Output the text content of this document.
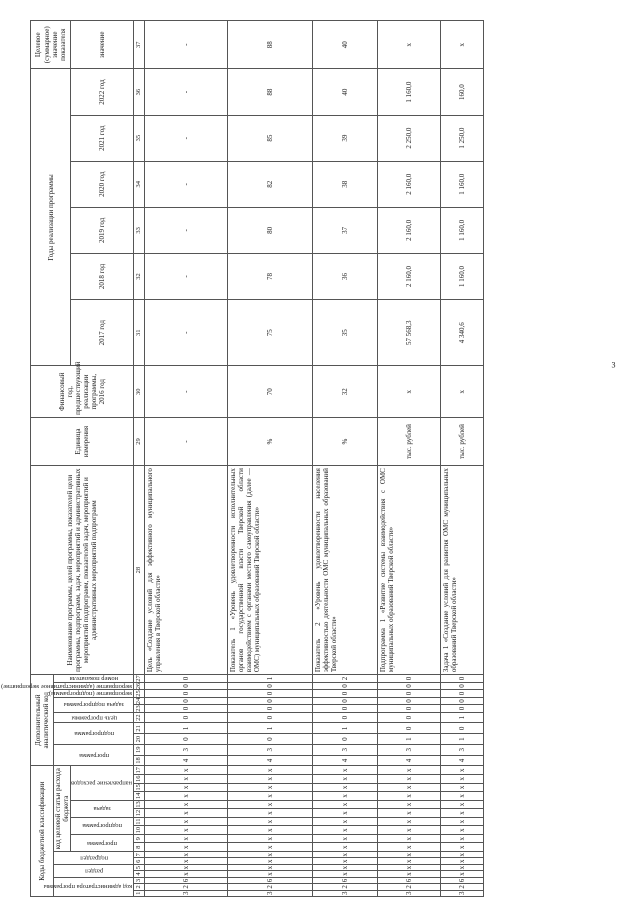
3
Коды бюджетной классификации																	Дополнительный аналитический код										Наименование программы, целей программы, показателей цели программы, подпрограмм, задач, мероприятий и административных мероприятий подпрограмм, показателей задач, мероприятий и административных мероприятий подпрограмм	Единица измерения	Финансовый год, предшествующий реализации программы, 2016 год	Годы реализации программы						Целевое (суммарное) значение показателя
код администратора программы			раздел		подраздел		код целевой статьи расхода бюджета										программа		подпрограмма		цель программы	задача подпрограммы		мероприятие (подпрограммы)	мероприятие (административное мероприятие)	номер показателя										
							программа		подпрограмма		задача		направление расходов																							
																														2017 год	2018 год	2019 год	2020 год	2021 год	2022 год	значение
1	2	3	4	5	6	7	8	9	10	11	12	13	14	15	16	17	18	19	20	21	22	23	24	25	26	27	28	29	30	31	32	33	34	35	36	37
3	2	6	х	х	х	х	х	х	х	х	х	х	х	х	х	х	4	3	0	1	0	0	0	0	0	0	Цель «Создание условий для эффективного муниципального управления в Тверской области»	-	-	-	-	-	-	-	-	-
3	2	6	х	х	х	х	х	х	х	х	х	х	х	х	х	х	4	3	0	1	0	0	0	0	0	1	Показатель 1 «Уровень удовлетворенности исполнительных органов государственной власти Тверской области взаимодействием с органами местного самоуправления (далее — ОМС) муниципальных образований Тверской области»	%	70	75	78	80	82	85	88	88
3	2	6	х	х	х	х	х	х	х	х	х	х	х	х	х	х	4	3	0	1	0	0	0	0	0	2	Показатель 2 «Уровень удовлетворенности населения эффективностью деятельности ОМС муниципальных образований Тверской области»	%	32	35	36	37	38	39	40	40
3	2	6	х	х	х	х	х	х	х	х	х	х	х	х	х	х	4	3	1	0	0	0	0	0	0	0	Подпрограмма 1 «Развитие системы взаимодействия с ОМС муниципальных образований Тверской области»	тыс. рублей	х	57 568,3	2 160,0	2 160,0	2 160,0	2 250,0	1 160,0	х
3	2	6	х	х	х	х	х	х	х	х	х	х	х	х	х	х	4	3	1	0	1	0	0	0	0	0	Задача 1 «Создание условий для развития ОМС муниципальных образований Тверской области»	тыс. рублей	х	4 340,6	1 160,0	1 160,0	1 160,0	1 250,0	160,0	х
